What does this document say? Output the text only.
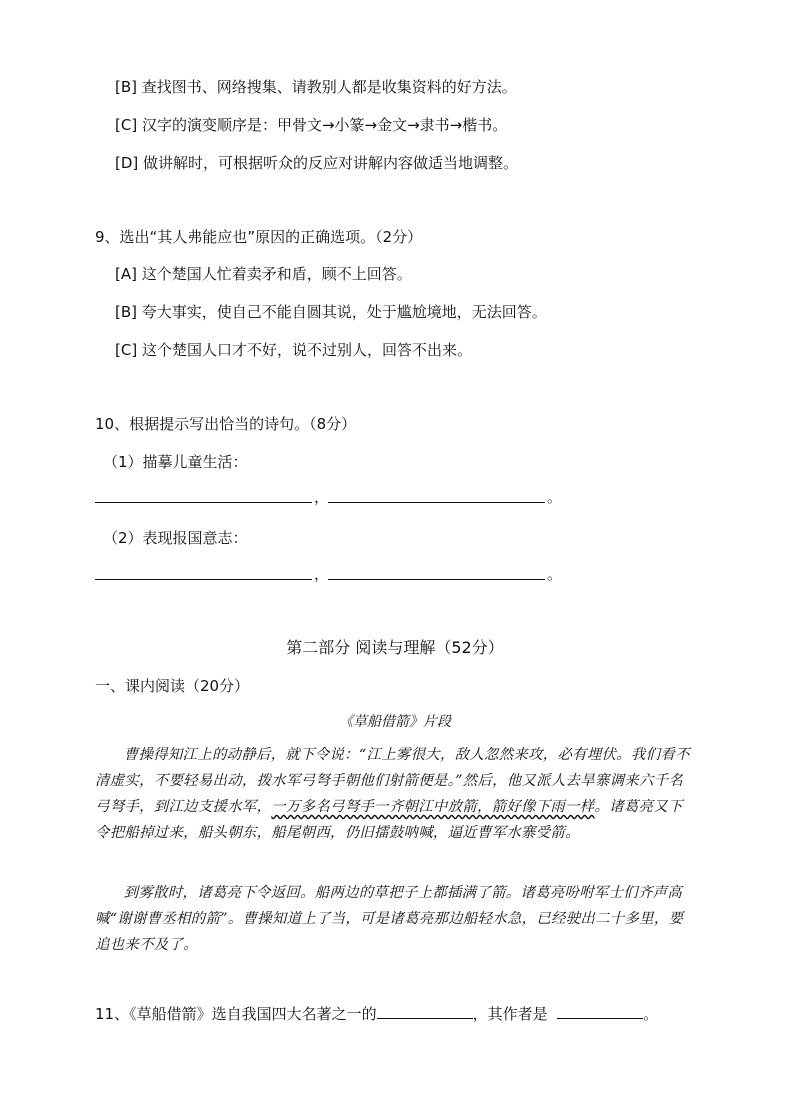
[B] 查找图书、网络搜集、请教别人都是收集资料的好方法。
[C] 汉字的演变顺序是：甲骨文→小篆→金文→隶书→楷书。
[D] 做讲解时，可根据听众的反应对讲解内容做适当地调整。
9、选出“其人弗能应也”原因的正确选项。（2分）
[A] 这个楚国人忙着卖矛和盾，顾不上回答。
[B] 夸大事实，使自己不能自圆其说，处于尴尬境地，无法回答。
[C] 这个楚国人口才不好，说不过别人，回答不出来。
10、根据提示写出恰当的诗句。（8分）
（1）描摹儿童生活：
，	。
（2）表现报国意志：
，	。
第二部分 阅读与理解（52分）
一、课内阅读（20分）
《草船借箭》片段
曹操得知江上的动静后，就下令说：“江上雾很大，敌人忽然来攻，必有埋伏。我们看不清虚实，不要轻易出动，拨水军弓弩手朝他们射箭便是。”然后，他又派人去旱寨调来六千名弓弩手，到江边支援水军，一万多名弓弩手一齐朝江中放箭，箭好像下雨一样。诸葛亮又下令把船掉过来，船头朝东，船尾朝西，仍旧擂鼓呐喊，逼近曹军水寨受箭。
到雾散时，诸葛亮下令返回。船两边的草把子上都插满了箭。诸葛亮吩咐军士们齐声高喊“谢谢曹丞相的箭”。曹操知道上了当，可是诸葛亮那边船轻水急，已经驶出二十多里，要追也来不及了。
11、《草船借箭》选自我国四大名著之一的	，其作者是	。
